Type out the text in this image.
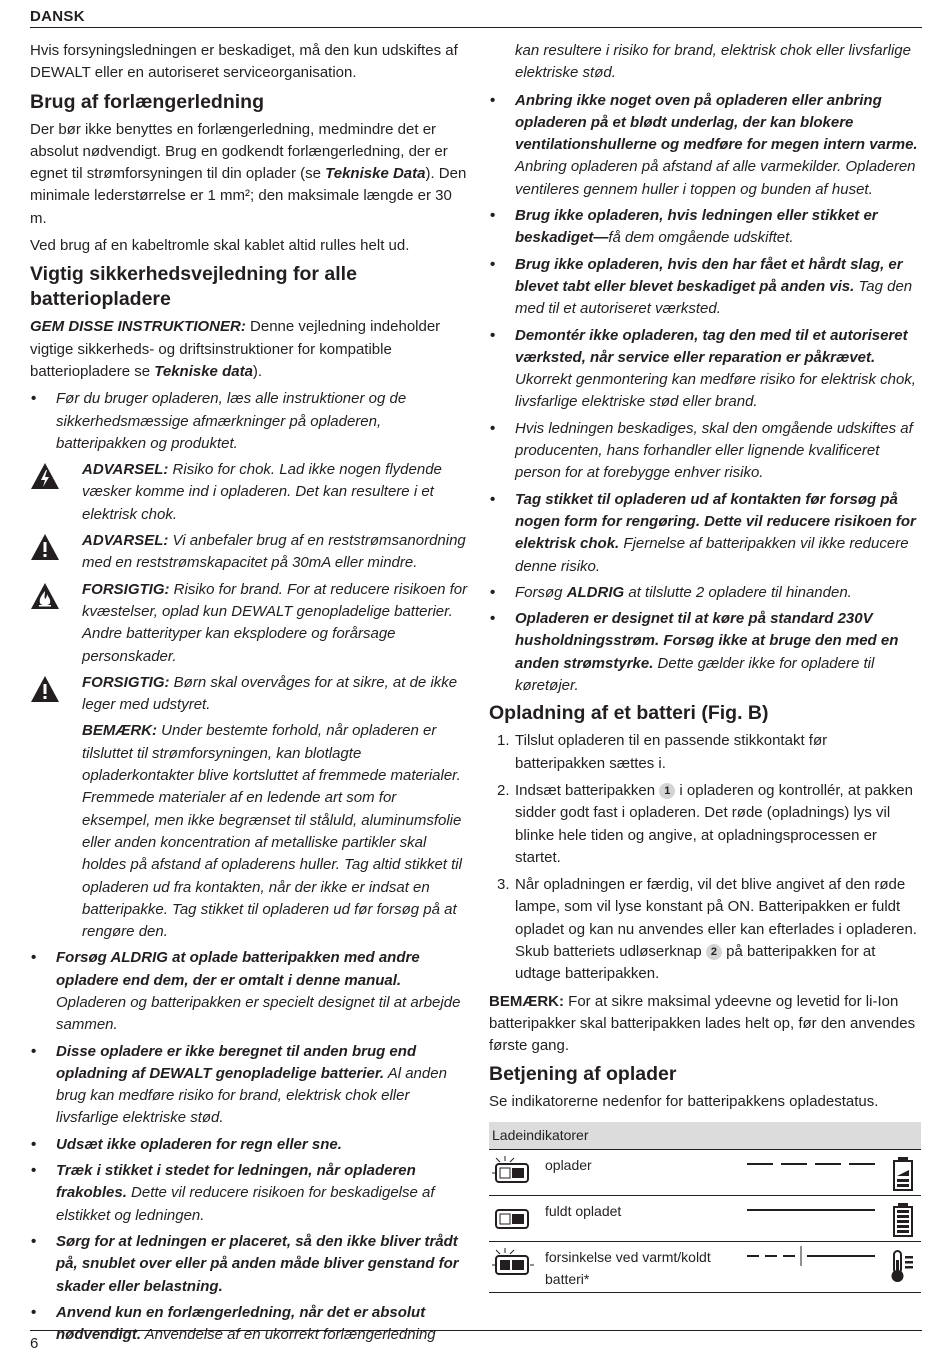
DANSK

Hvis forsyningsledningen er beskadiget, må den kun udskiftes af DEWALT eller en autoriseret serviceorganisation.

Brug af forlængerledning

Der bør ikke benyttes en forlængerledning, medmindre det er absolut nødvendigt. Brug en godkendt forlængerledning, der er egnet til strømforsyningen til din oplader (se Tekniske Data). Den minimale lederstørrelse er 1 mm²; den maksimale længde er 30 m.

Ved brug af en kabeltromle skal kablet altid rulles helt ud.

Vigtig sikkerhedsvejledning for alle batteriopladere

GEM DISSE INSTRUKTIONER: Denne vejledning indeholder vigtige sikkerheds- og driftsinstruktioner for kompatible batteriopladere se Tekniske data).

• Før du bruger opladeren, læs alle instruktioner og de sikkerhedsmæssige afmærkninger på opladeren, batteripakken og produktet.
ADVARSEL: Risiko for chok. Lad ikke nogen flydende væsker komme ind i opladeren. Det kan resultere i et elektrisk chok.
ADVARSEL: Vi anbefaler brug af en reststrømsanordning med en reststrømskapacitet på 30mA eller mindre.
FORSIGTIG: Risiko for brand. For at reducere risikoen for kvæstelser, oplad kun DEWALT genopladelige batterier. Andre batterityper kan eksplodere og forårsage personskader.
FORSIGTIG: Børn skal overvåges for at sikre, at de ikke leger med udstyret.
BEMÆRK: Under bestemte forhold, når opladeren er tilsluttet til strømforsyningen, kan blotlagte opladerkontakter blive kortsluttet af fremmede materialer. Fremmede materialer af en ledende art som for eksempel, men ikke begrænset til ståluld, aluminumsfolie eller anden koncentration af metalliske partikler skal holdes på afstand af opladerens huller. Tag altid stikket til opladeren ud fra kontakten, når der ikke er indsat en batteripakke. Tag stikket til opladeren ud før forsøg på at rengøre den.
• Forsøg ALDRIG at oplade batteripakken med andre opladere end dem, der er omtalt i denne manual. Opladeren og batteripakken er specielt designet til at arbejde sammen.
• Disse opladere er ikke beregnet til anden brug end opladning af DEWALT genopladelige batterier. Al anden brug kan medføre risiko for brand, elektrisk chok eller livsfarlige elektriske stød.
• Udsæt ikke opladeren for regn eller sne.
• Træk i stikket i stedet for ledningen, når opladeren frakobles. Dette vil reducere risikoen for beskadigelse af elstikket og ledningen.
• Sørg for at ledningen er placeret, så den ikke bliver trådt på, snublet over eller på anden måde bliver genstand for skader eller belastning.
• Anvend kun en forlængerledning, når det er absolut nødvendigt. Anvendelse af en ukorrekt forlængerledning

kan resultere i risiko for brand, elektrisk chok eller livsfarlige elektriske stød.

• Anbring ikke noget oven på opladeren eller anbring opladeren på et blødt underlag, der kan blokere ventilationshullerne og medføre for megen intern varme. Anbring opladeren på afstand af alle varmekilder. Opladeren ventileres gennem huller i toppen og bunden af huset.
• Brug ikke opladeren, hvis ledningen eller stikket er beskadiget—få dem omgående udskiftet.
• Brug ikke opladeren, hvis den har fået et hårdt slag, er blevet tabt eller blevet beskadiget på anden vis. Tag den med til et autoriseret værksted.
• Demontér ikke opladeren, tag den med til et autoriseret værksted, når service eller reparation er påkrævet. Ukorrekt genmontering kan medføre risiko for elektrisk chok, livsfarlige elektriske stød eller brand.
• Hvis ledningen beskadiges, skal den omgående udskiftes af producenten, hans forhandler eller lignende kvalificeret person for at forebygge enhver risiko.
• Tag stikket til opladeren ud af kontakten før forsøg på nogen form for rengøring. Dette vil reducere risikoen for elektrisk chok. Fjernelse af batteripakken vil ikke reducere denne risiko.
• Forsøg ALDRIG at tilslutte 2 opladere til hinanden.
• Opladeren er designet til at køre på standard 230V husholdningsstrøm. Forsøg ikke at bruge den med en anden strømstyrke. Dette gælder ikke for opladere til køretøjer.
Opladning af et batteri (Fig. B)
1. Tilslut opladeren til en passende stikkontakt før batteripakken sættes i.
2. Indsæt batteripakken 1 i opladeren og kontrollér, at pakken sidder godt fast i opladeren. Det røde (opladnings) lys vil blinke hele tiden og angive, at opladningsprocessen er startet.
3. Når opladningen er færdig, vil det blive angivet af den røde lampe, som vil lyse konstant på ON. Batteripakken er fuldt opladet og kan nu anvendes eller kan efterlades i opladeren. Skub batteriets udløserknap 2 på batteripakken for at udtage batteripakken.

BEMÆRK: For at sikre maksimal ydeevne og levetid for li-Ion batteripakker skal batteripakken lades helt op, før den anvendes første gang.

Betjening af oplader

Se indikatorerne nedenfor for batteripakkens opladestatus.

Ladeindikatorer
oplader
fuldt opladet
forsinkelse ved varmt/koldt batteri*
6
